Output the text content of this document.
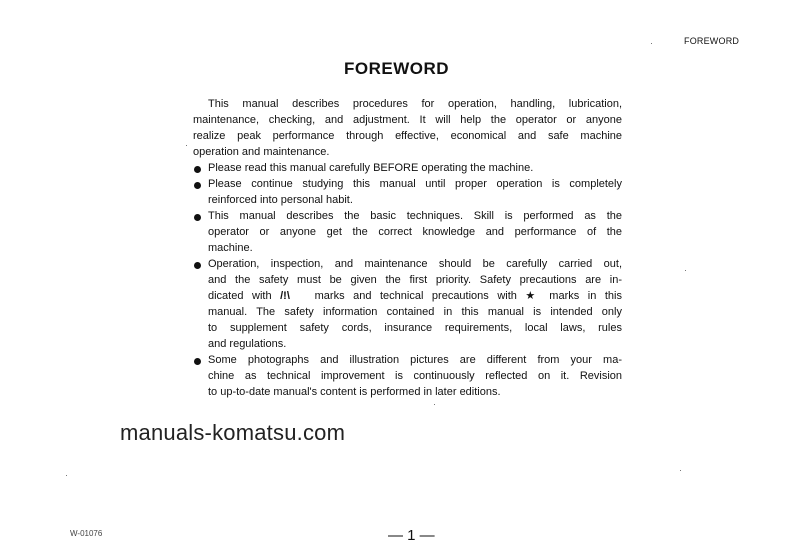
FOREWORD
FOREWORD
This manual describes procedures for operation, handling, lubrication,
maintenance, checking, and adjustment. It will help the operator or anyone
realize peak performance through effective, economical and safe machine
operation and maintenance.
Please read this manual carefully BEFORE operating the machine.
Please continue studying this manual until proper operation is completely
reinforced into personal habit.
This manual describes the basic techniques. Skill is performed as the
operator or anyone get the correct knowledge and performance of the
machine.
Operation, inspection, and maintenance should be carefully carried out,
and the safety must be given the first priority. Safety precautions are in-
dicated with /!\ marks and technical precautions with ★ marks in this
manual. The safety information contained in this manual is intended only
to supplement safety cords, insurance requirements, local laws, rules
and regulations.
Some photographs and illustration pictures are different from your ma-
chine as technical improvement is continuously reflected on it. Revision
to up-to-date manual's content is performed in later editions.
manuals-komatsu.com
W-01076	— 1 —
